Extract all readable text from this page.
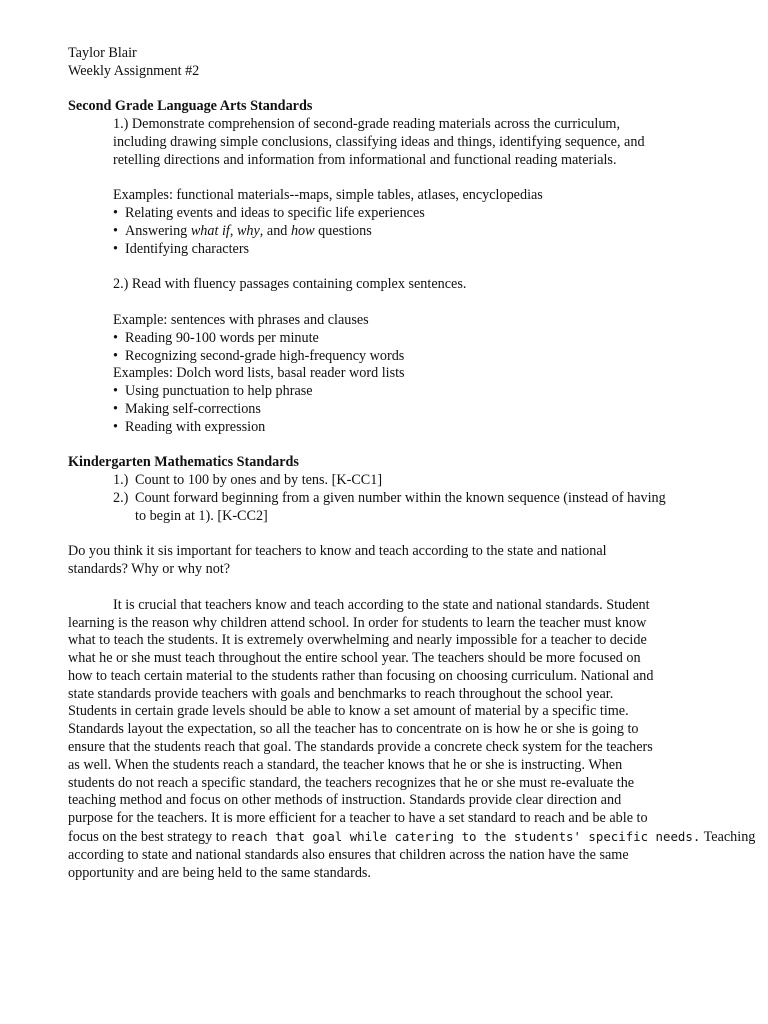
Taylor Blair
Weekly Assignment #2
Second Grade Language Arts Standards
1.) Demonstrate comprehension of second-grade reading materials across the curriculum,
including drawing simple conclusions, classifying ideas and things, identifying sequence, and
retelling directions and information from informational and functional reading materials.
Examples: functional materials--maps, simple tables, atlases, encyclopedias
• Relating events and ideas to specific life experiences
• Answering what if, why, and how questions
• Identifying characters
2.) Read with fluency passages containing complex sentences.
Example: sentences with phrases and clauses
• Reading 90-100 words per minute
• Recognizing second-grade high-frequency words
Examples: Dolch word lists, basal reader word lists
• Using punctuation to help phrase
• Making self-corrections
• Reading with expression
Kindergarten Mathematics Standards
1.) Count to 100 by ones and by tens. [K-CC1]
2.) Count forward beginning from a given number within the known sequence (instead of having
to begin at 1). [K-CC2]
Do you think it sis important for teachers to know and teach according to the state and national
standards? Why or why not?
It is crucial that teachers know and teach according to the state and national standards. Student
learning is the reason why children attend school. In order for students to learn the teacher must know
what to teach the students. It is extremely overwhelming and nearly impossible for a teacher to decide
what he or she must teach throughout the entire school year. The teachers should be more focused on
how to teach certain material to the students rather than focusing on choosing curriculum. National and
state standards provide teachers with goals and benchmarks to reach throughout the school year.
Students in certain grade levels should be able to know a set amount of material by a specific time.
Standards layout the expectation, so all the teacher has to concentrate on is how he or she is going to
ensure that the students reach that goal. The standards provide a concrete check system for the teachers
as well. When the students reach a standard, the teacher knows that he or she is instructing. When
students do not reach a specific standard, the teachers recognizes that he or she must re-evaluate the
teaching method and focus on other methods of instruction. Standards provide clear direction and
purpose for the teachers. It is more efficient for a teacher to have a set standard to reach and be able to
focus on the best strategy to reach that goal while catering to the students' specific needs. Teaching
according to state and national standards also ensures that children across the nation have the same
opportunity and are being held to the same standards.
